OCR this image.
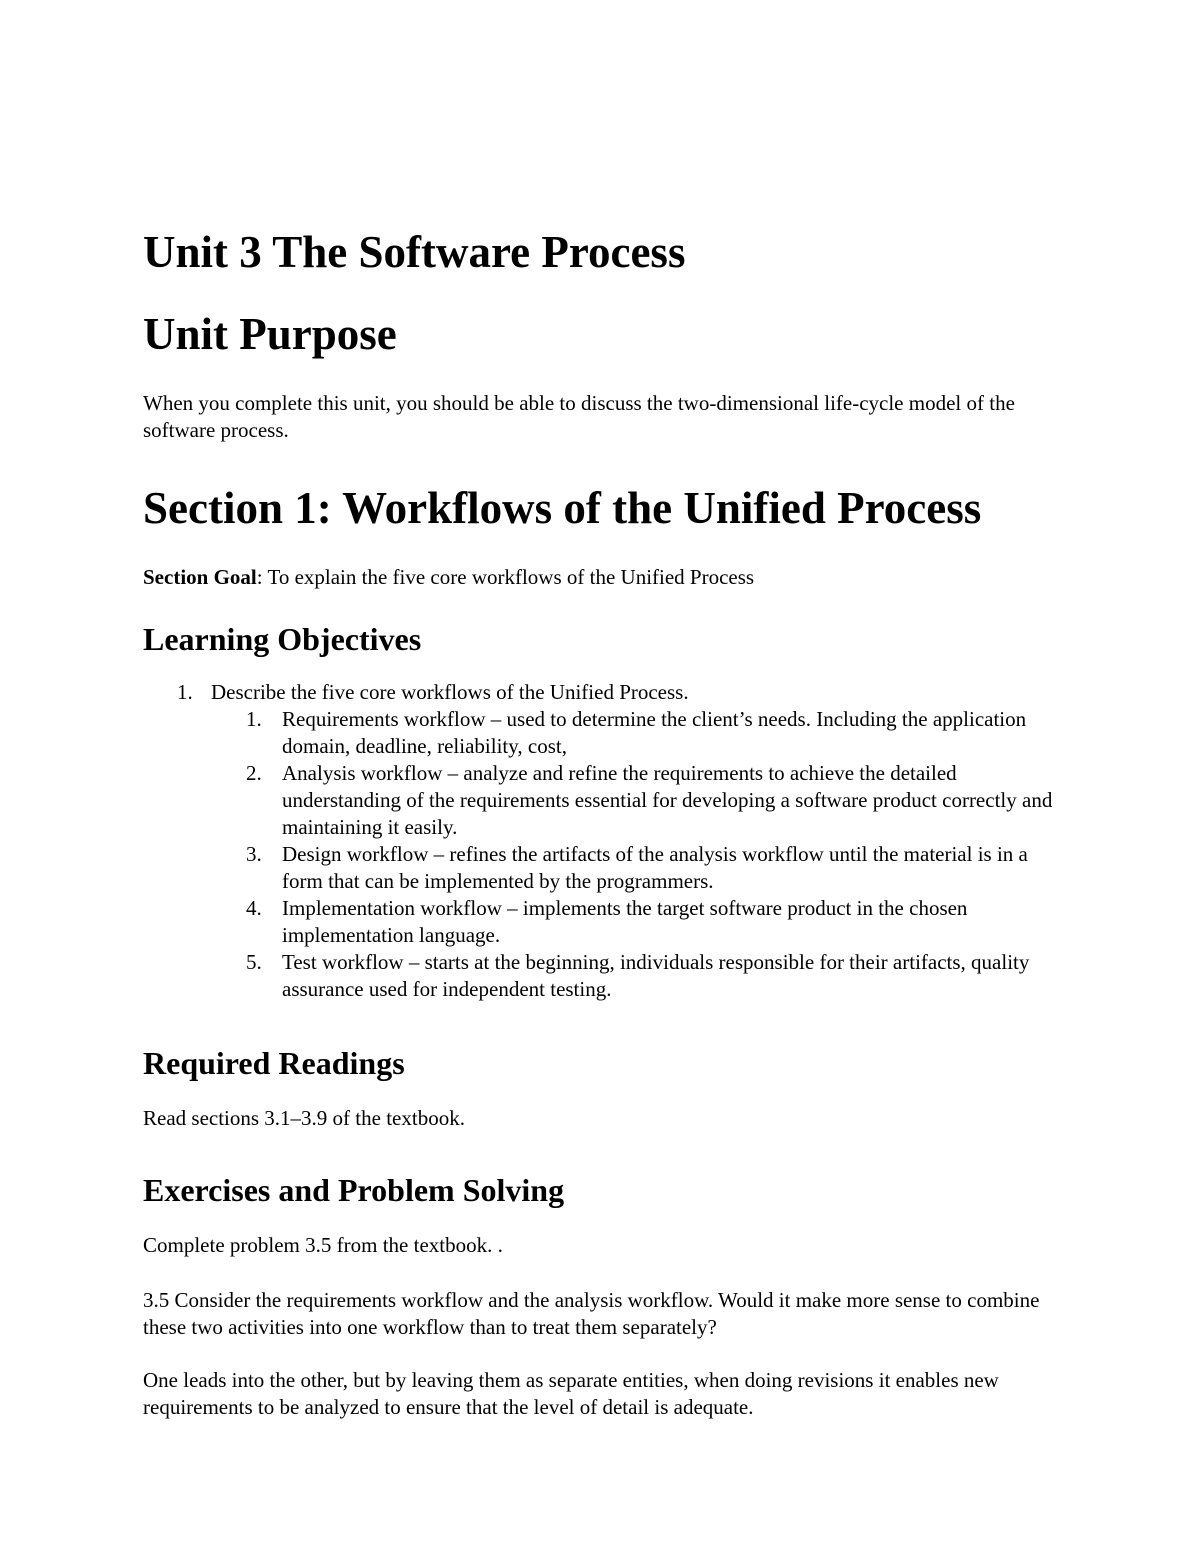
Unit 3 The Software Process
Unit Purpose

When you complete this unit, you should be able to discuss the two-dimensional life-cycle model of the software process.

Section 1: Workflows of the Unified Process

Section Goal: To explain the five core workflows of the Unified Process

Learning Objectives
1. Describe the five core workflows of the Unified Process.
1. Requirements workflow – used to determine the client’s needs. Including the application domain, deadline, reliability, cost,
2. Analysis workflow – analyze and refine the requirements to achieve the detailed understanding of the requirements essential for developing a software product correctly and maintaining it easily.
3. Design workflow – refines the artifacts of the analysis workflow until the material is in a form that can be implemented by the programmers.
4. Implementation workflow – implements the target software product in the chosen implementation language.
5. Test workflow – starts at the beginning, individuals responsible for their artifacts, quality assurance used for independent testing.
Required Readings

Read sections 3.1–3.9 of the textbook.

Exercises and Problem Solving

Complete problem 3.5 from the textbook. .

3.5 Consider the requirements workflow and the analysis workflow. Would it make more sense to combine these two activities into one workflow than to treat them separately?

One leads into the other, but by leaving them as separate entities, when doing revisions it enables new requirements to be analyzed to ensure that the level of detail is adequate.
